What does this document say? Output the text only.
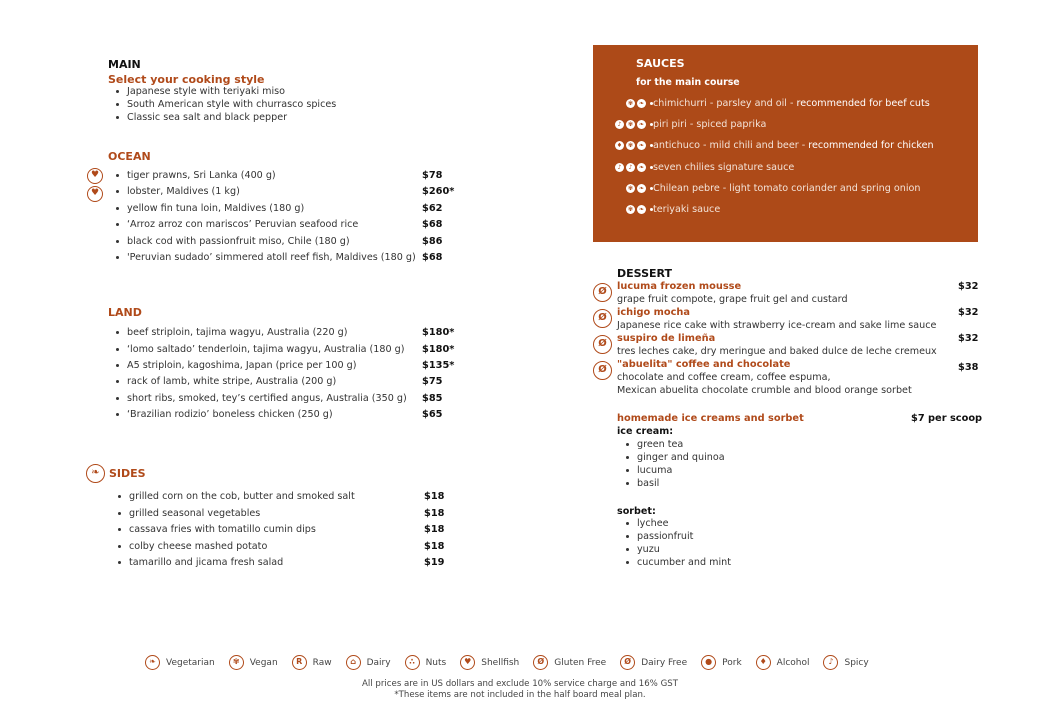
MAIN
Select your cooking style
Japanese style with teriyaki miso
South American style with churrasco spices
Classic sea salt and black pepper
OCEAN
♥
♥
tiger prawns, Sri Lanka (400 g)	$78
lobster, Maldives (1 kg)	$260*
yellow fin tuna loin, Maldives (180 g)	$62
‘Arroz arroz con mariscos’ Peruvian seafood rice	$68
black cod with passionfruit miso, Chile (180 g)	$86
'Peruvian sudado’ simmered atoll reef fish, Maldives (180 g) $68
LAND
beef striploin, tajima wagyu, Australia (220 g)	$180*
‘lomo saltado’ tenderloin, tajima wagyu, Australia (180 g) $180*
A5 striploin, kagoshima, Japan (price per 100 g)	$135*
rack of lamb, white stripe, Australia (200 g)	$75
short ribs, smoked, tey’s certified angus, Australia (350 g) $85
‘Brazilian rodizio’ boneless chicken (250 g)	$65
❧ SIDES
grilled corn on the cob, butter and smoked salt	$18
grilled seasonal vegetables	$18
cassava fries with tomatillo cumin dips	$18
colby cheese mashed potato	$18
tamarillo and jicama fresh salad	$19
SAUCES
for the main course
✾ ❧ chimichurri - parsley and oil - recommended for beef cuts
♪	✾ ❧ piri piri - spiced paprika
♦ ✾ ❧ antichuco - mild chili and beer - recommended for chicken
♪	♪	❧ seven chilies signature sauce
✾ ❧ Chilean pebre - light tomato coriander and spring onion
✾ ❧ teriyaki sauce
DESSERT
Ø	lucuma frozen mousse	$32
grape fruit compote, grape fruit gel and custard
Ø	ichigo mocha	$32
Japanese rice cake with strawberry ice-cream and sake lime sauce
Ø	suspiro de limeña	$32
tres leches cake, dry meringue and baked dulce de leche cremeux
Ø	"abuelita" coffee and chocolate	$38
chocolate and coffee cream, coffee espuma,
Mexican abuelita chocolate crumble and blood orange sorbet
homemade ice creams and sorbet	$7 per scoop
ice cream:
green tea
ginger and quinoa
lucuma
basil
sorbet:
lychee
passionfruit
yuzu
cucumber and mint
❧	Vegetarian	✾	Vegan	R	Raw	⌂	Dairy	∴	Nuts	♥	Shellfish	Ø	Gluten Free	Ø	Dairy Free	●	Pork	♦	Alcohol	♪	Spicy
All prices are in US dollars and exclude 10% service charge and 16% GST
*These items are not included in the half board meal plan.
